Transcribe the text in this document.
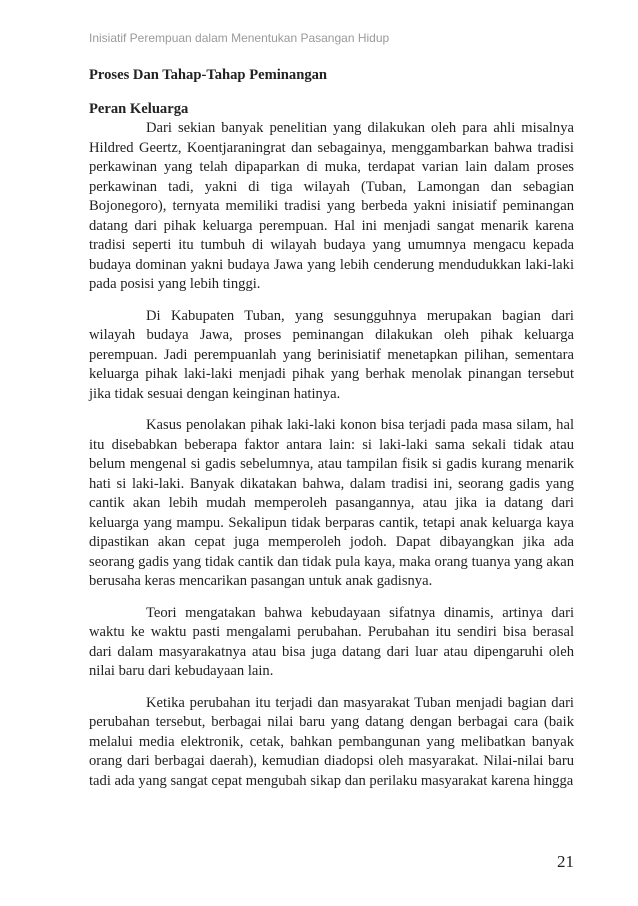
Inisiatif Perempuan dalam Menentukan Pasangan Hidup
Proses Dan Tahap-Tahap Peminangan
Peran Keluarga

Dari sekian banyak penelitian yang dilakukan oleh para ahli misalnya Hildred Geertz, Koentjaraningrat dan sebagainya, menggambarkan bahwa tradisi perkawinan yang telah dipaparkan di muka, terdapat varian lain dalam proses perkawinan tadi, yakni di tiga wilayah (Tuban, Lamongan dan sebagian Bojonegoro), ternyata memiliki tradisi yang berbeda yakni inisiatif peminangan datang dari pihak keluarga perempuan. Hal ini menjadi sangat menarik karena tradisi seperti itu tumbuh di wilayah budaya yang umumnya mengacu kepada budaya dominan yakni budaya Jawa yang lebih cenderung mendudukkan laki-laki pada posisi yang lebih tinggi.

Di Kabupaten Tuban, yang sesungguhnya merupakan bagian dari wilayah budaya Jawa, proses peminangan dilakukan oleh pihak keluarga perempuan. Jadi perempuanlah yang berinisiatif menetapkan pilihan, sementara keluarga pihak laki-laki menjadi pihak yang berhak menolak pinangan tersebut jika tidak sesuai dengan keinginan hatinya.

Kasus penolakan pihak laki-laki konon bisa terjadi pada masa silam, hal itu disebabkan beberapa faktor antara lain: si laki-laki sama sekali tidak atau belum mengenal si gadis sebelumnya, atau tampilan fisik si gadis kurang menarik hati si laki-laki. Banyak dikatakan bahwa, dalam tradisi ini, seorang gadis yang cantik akan lebih mudah memperoleh pasangannya, atau jika ia datang dari keluarga yang mampu. Sekalipun tidak berparas cantik, tetapi anak keluarga kaya dipastikan akan cepat juga memperoleh jodoh. Dapat dibayangkan jika ada seorang gadis yang tidak cantik dan tidak pula kaya, maka orang tuanya yang akan berusaha keras mencarikan pasangan untuk anak gadisnya.

Teori mengatakan bahwa kebudayaan sifatnya dinamis, artinya dari waktu ke waktu pasti mengalami perubahan. Perubahan itu sendiri bisa berasal dari dalam masyarakatnya atau bisa juga datang dari luar atau dipengaruhi oleh nilai baru dari kebudayaan lain.

Ketika perubahan itu terjadi dan masyarakat Tuban menjadi bagian dari perubahan tersebut, berbagai nilai baru yang datang dengan berbagai cara (baik melalui media elektronik, cetak, bahkan pembangunan yang melibatkan banyak orang dari berbagai daerah), kemudian diadopsi oleh masyarakat. Nilai-nilai baru tadi ada yang sangat cepat mengubah sikap dan perilaku masyarakat karena hingga

21
